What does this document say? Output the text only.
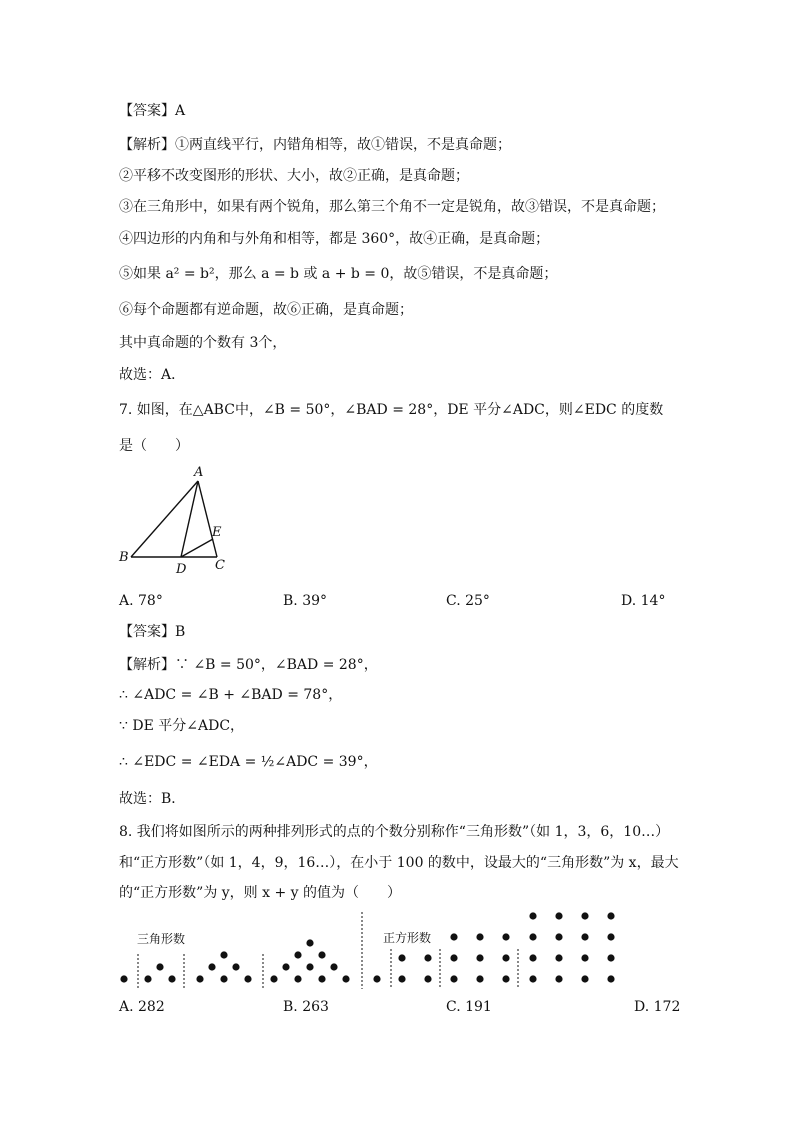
【答案】A
【解析】①两直线平行，内错角相等，故①错误，不是真命题；
②平移不改变图形的形状、大小，故②正确，是真命题；
③在三角形中，如果有两个锐角，那么第三个角不一定是锐角，故③错误，不是真命题；
④四边形的内角和与外角和相等，都是 360°，故④正确，是真命题；
⑤如果 a² = b²，那么 a = b 或 a + b = 0，故⑤错误，不是真命题；
⑥每个命题都有逆命题，故⑥正确，是真命题；
其中真命题的个数有 3个，
故选：A．
7. 如图，在△ABC中，∠B = 50°，∠BAD = 28°，DE 平分∠ADC，则∠EDC 的度数
是（　　）
A
B
C
D
E
A. 78°	B. 39°	C. 25°	D. 14°
【答案】B
【解析】∵ ∠B = 50°，∠BAD = 28°，
∴ ∠ADC = ∠B + ∠BAD = 78°，
∵ DE 平分∠ADC，
∴ ∠EDC = ∠EDA = ½∠ADC = 39°，
故选：B．
8. 我们将如图所示的两种排列形式的点的个数分别称作“三角形数”（如 1，3，6，10…）
和“正方形数”（如 1，4，9，16…），在小于 100 的数中，设最大的“三角形数”为 x，最大
的“正方形数”为 y，则 x + y 的值为（　　）
三角形数	正方形数
A. 282	B. 263	C. 191	D. 172
